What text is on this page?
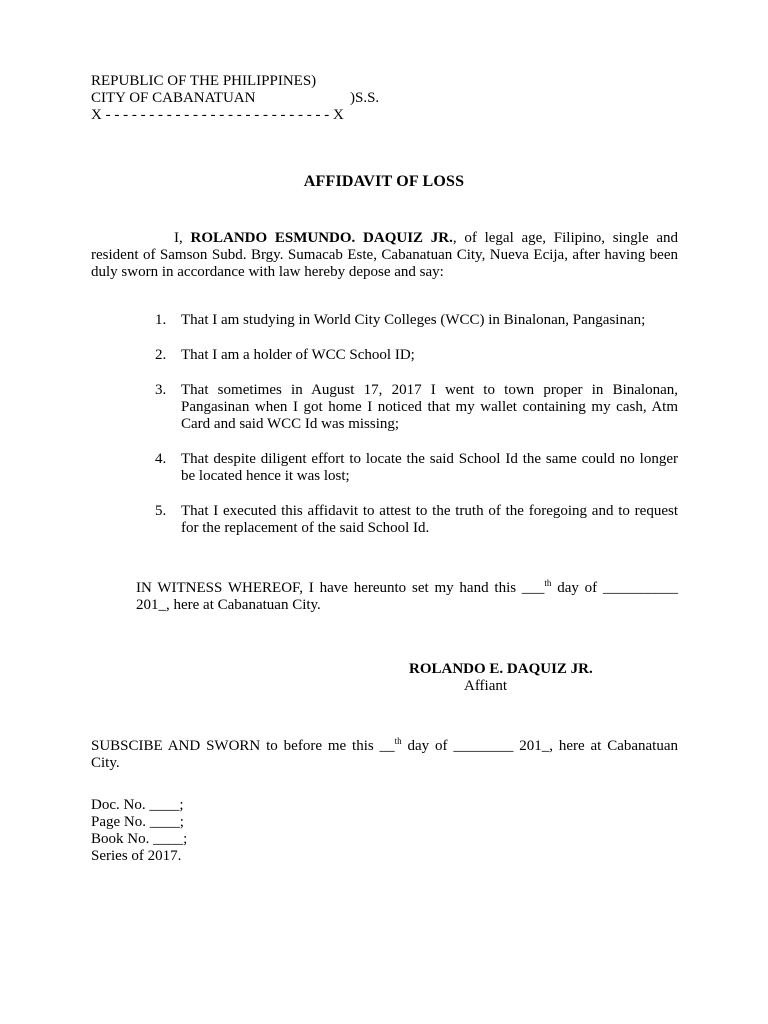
REPUBLIC OF THE PHILIPPINES)
CITY OF CABANATUAN	)S.S.
X - - - - - - - - - - - - - - - - - - - - - - - - - - X
AFFIDAVIT OF LOSS
I, ROLANDO ESMUNDO. DAQUIZ JR., of legal age, Filipino, single and resident of Samson Subd. Brgy. Sumacab Este, Cabanatuan City, Nueva Ecija, after having been duly sworn in accordance with law hereby depose and say:
1. That I am studying in World City Colleges (WCC) in Binalonan, Pangasinan;
2. That I am a holder of WCC School ID;
3. That sometimes in August 17, 2017 I went to town proper in Binalonan, Pangasinan when I got home I noticed that my wallet containing my cash, Atm Card and said WCC Id was missing;
4. That despite diligent effort to locate the said School Id the same could no longer be located hence it was lost;
5. That I executed this affidavit to attest to the truth of the foregoing and to request for the replacement of the said School Id.
IN WITNESS WHEREOF, I have hereunto set my hand this ___$^{th}$ day of __________ 201_, here at Cabanatuan City.
ROLANDO E. DAQUIZ JR.
Affiant
SUBSCIBE AND SWORN to before me this __$^{th}$ day of ________ 201_, here at Cabanatuan City.
Doc. No. ____;
Page No. ____;
Book No. ____;
Series of 2017.
